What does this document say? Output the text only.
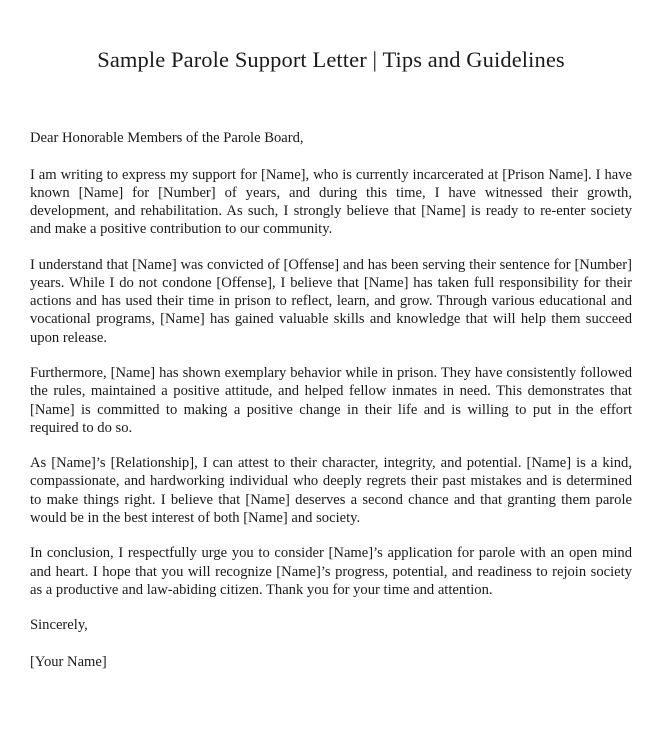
Sample Parole Support Letter | Tips and Guidelines

Dear Honorable Members of the Parole Board,

I am writing to express my support for [Name], who is currently incarcerated at [Prison Name]. I have known [Name] for [Number] of years, and during this time, I have witnessed their growth, development, and rehabilitation. As such, I strongly believe that [Name] is ready to re-enter society and make a positive contribution to our community.

I understand that [Name] was convicted of [Offense] and has been serving their sentence for [Number] years. While I do not condone [Offense], I believe that [Name] has taken full responsibility for their actions and has used their time in prison to reflect, learn, and grow. Through various educational and vocational programs, [Name] has gained valuable skills and knowledge that will help them succeed upon release.

Furthermore, [Name] has shown exemplary behavior while in prison. They have consistently followed the rules, maintained a positive attitude, and helped fellow inmates in need. This demonstrates that [Name] is committed to making a positive change in their life and is willing to put in the effort required to do so.

As [Name]’s [Relationship], I can attest to their character, integrity, and potential. [Name] is a kind, compassionate, and hardworking individual who deeply regrets their past mistakes and is determined to make things right. I believe that [Name] deserves a second chance and that granting them parole would be in the best interest of both [Name] and society.

In conclusion, I respectfully urge you to consider [Name]’s application for parole with an open mind and heart. I hope that you will recognize [Name]’s progress, potential, and readiness to rejoin society as a productive and law-abiding citizen. Thank you for your time and attention.

Sincerely,

[Your Name]
